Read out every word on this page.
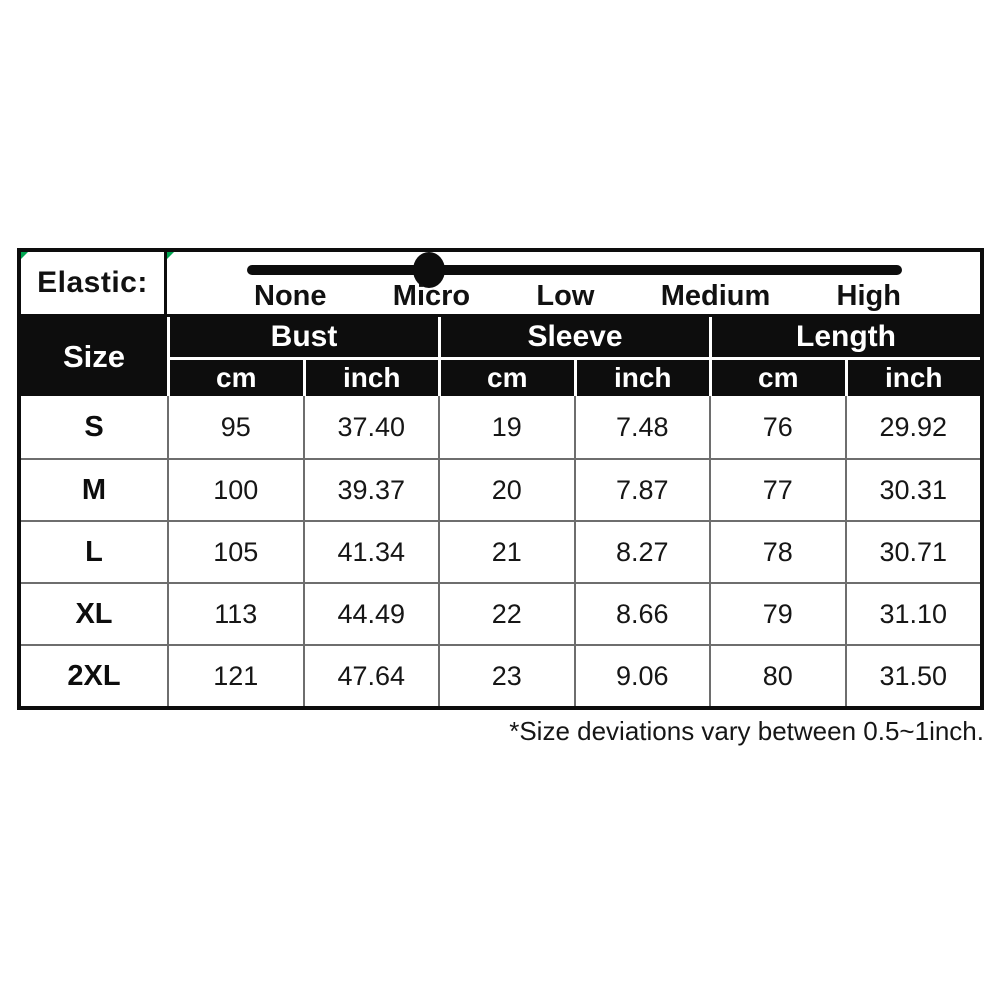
Elastic:	None Micro Low Medium High
Size
Bust	Sleeve	Length
cm	inch	cm	inch	cm	inch
S	95	37.40	19	7.48	76	29.92
M	100	39.37	20	7.87	77	30.31
L	105	41.34	21	8.27	78	30.71
XL	113	44.49	22	8.66	79	31.10
2XL	121	47.64	23	9.06	80	31.50
*Size deviations vary between 0.5~1inch.
